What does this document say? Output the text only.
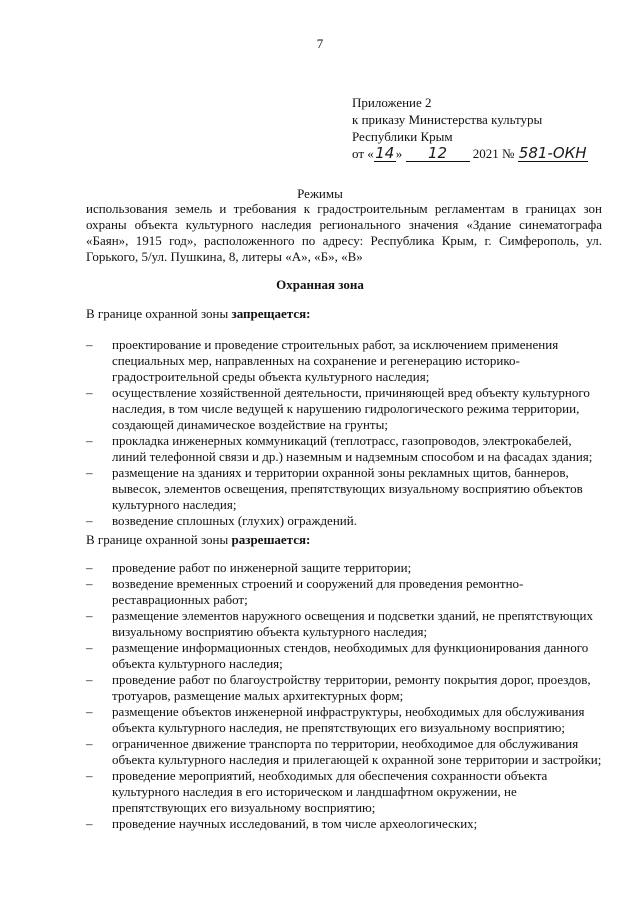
7
Приложение 2
к приказу Министерства культуры
Республики Крым
от «14» 12 2021 № 581-ОКН
Режимы
использования земель и требования к градостроительным регламентам в границах зон охраны объекта культурного наследия регионального значения «Здание синематографа «Баян», 1915 год», расположенного по адресу: Республика Крым, г. Симферополь, ул. Горького, 5/ул. Пушкина, 8, литеры «А», «Б», «В»
Охранная зона
В границе охранной зоны запрещается:
– проектирование и проведение строительных работ, за исключением применения специальных мер, направленных на сохранение и регенерацию историко-градостроительной среды объекта культурного наследия;
– осуществление хозяйственной деятельности, причиняющей вред объекту культурного наследия, в том числе ведущей к нарушению гидрологического режима территории, создающей динамическое воздействие на грунты;
– прокладка инженерных коммуникаций (теплотрасс, газопроводов, электрокабелей, линий телефонной связи и др.) наземным и надземным способом и на фасадах здания;
– размещение на зданиях и территории охранной зоны рекламных щитов, баннеров, вывесок, элементов освещения, препятствующих визуальному восприятию объектов культурного наследия;
– возведение сплошных (глухих) ограждений.
В границе охранной зоны разрешается:
– проведение работ по инженерной защите территории;
– возведение временных строений и сооружений для проведения ремонтно-реставрационных работ;
– размещение элементов наружного освещения и подсветки зданий, не препятствующих визуальному восприятию объекта культурного наследия;
– размещение информационных стендов, необходимых для функционирования данного объекта культурного наследия;
– проведение работ по благоустройству территории, ремонту покрытия дорог, проездов, тротуаров, размещение малых архитектурных форм;
– размещение объектов инженерной инфраструктуры, необходимых для обслуживания объекта культурного наследия, не препятствующих его визуальному восприятию;
– ограниченное движение транспорта по территории, необходимое для обслуживания объекта культурного наследия и прилегающей к охранной зоне территории и застройки;
– проведение мероприятий, необходимых для обеспечения сохранности объекта культурного наследия в его историческом и ландшафтном окружении, не препятствующих его визуальному восприятию;
– проведение научных исследований, в том числе археологических;
